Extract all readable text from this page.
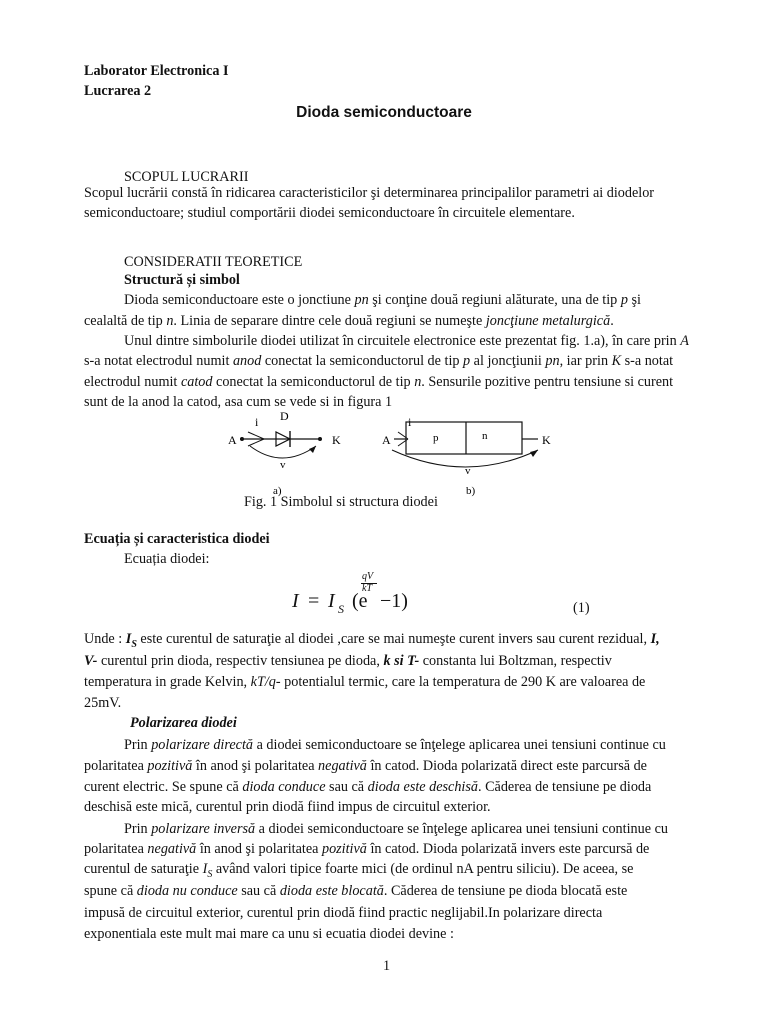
Laborator Electronica I
Lucrarea 2
Dioda semiconductoare
SCOPUL LUCRARII
Scopul lucrării constă în ridicarea caracteristicilor şi determinarea principalilor parametri ai diodelor
semiconductoare; studiul comportării diodei semiconductoare în circuitele elementare.
CONSIDERATII TEORETICE
Structură și simbol
Dioda semiconductoare este o jonctiune pn şi conţine două regiuni alăturate, una de tip p şi
cealaltă de tip n. Linia de separare dintre cele două regiuni se numeşte joncţiune metalurgică.
Unul dintre simbolurile diodei utilizat în circuitele electronice este prezentat fig. 1.a), în care prin A
s-a notat electrodul numit anod conectat la semiconductorul de tip p al joncţiunii pn, iar prin K s-a notat
electrodul numit catod conectat la semiconductorul de tip n. Sensurile pozitive pentru tensiune si curent
sunt de la anod la catod, asa cum se vede si in figura 1
A
i D
K
v
a)
A
i
p	n	K
v
b)
Fig. 1 Simbolul si structura diodei
Ecuația și caracteristica diodei
Ecuația diodei:
I = I S (e
qV
kT
−1)	(1)
Unde : $I_S$ este curentul de saturaţie al diodei ,care se mai numeşte curent invers sau curent rezidual, I,
V- curentul prin dioda, respectiv tensiunea pe dioda, k si T- constanta lui Boltzman, respectiv
temperatura in grade Kelvin, kT/q- potentialul termic, care la temperatura de 290 K are valoarea de
25mV.
Polarizarea diodei
Prin polarizare directă a diodei semiconductoare se înţelege aplicarea unei tensiuni continue cu
polaritatea pozitivă în anod şi polaritatea negativă în catod. Dioda polarizată direct este parcursă de
curent electric. Se spune că dioda conduce sau că dioda este deschisă. Căderea de tensiune pe dioda
deschisă este mică, curentul prin diodă fiind impus de circuitul exterior.
Prin polarizare inversă a diodei semiconductoare se înţelege aplicarea unei tensiuni continue cu
polaritatea negativă în anod şi polaritatea pozitivă în catod. Dioda polarizată invers este parcursă de
curentul de saturaţie $I_S$ având valori tipice foarte mici (de ordinul nA pentru siliciu). De aceea, se
spune că dioda nu conduce sau că dioda este blocată. Căderea de tensiune pe dioda blocată este
impusă de circuitul exterior, curentul prin diodă fiind practic neglijabil.In polarizare directa
exponentiala este mult mai mare ca unu si ecuatia diodei devine :
1
